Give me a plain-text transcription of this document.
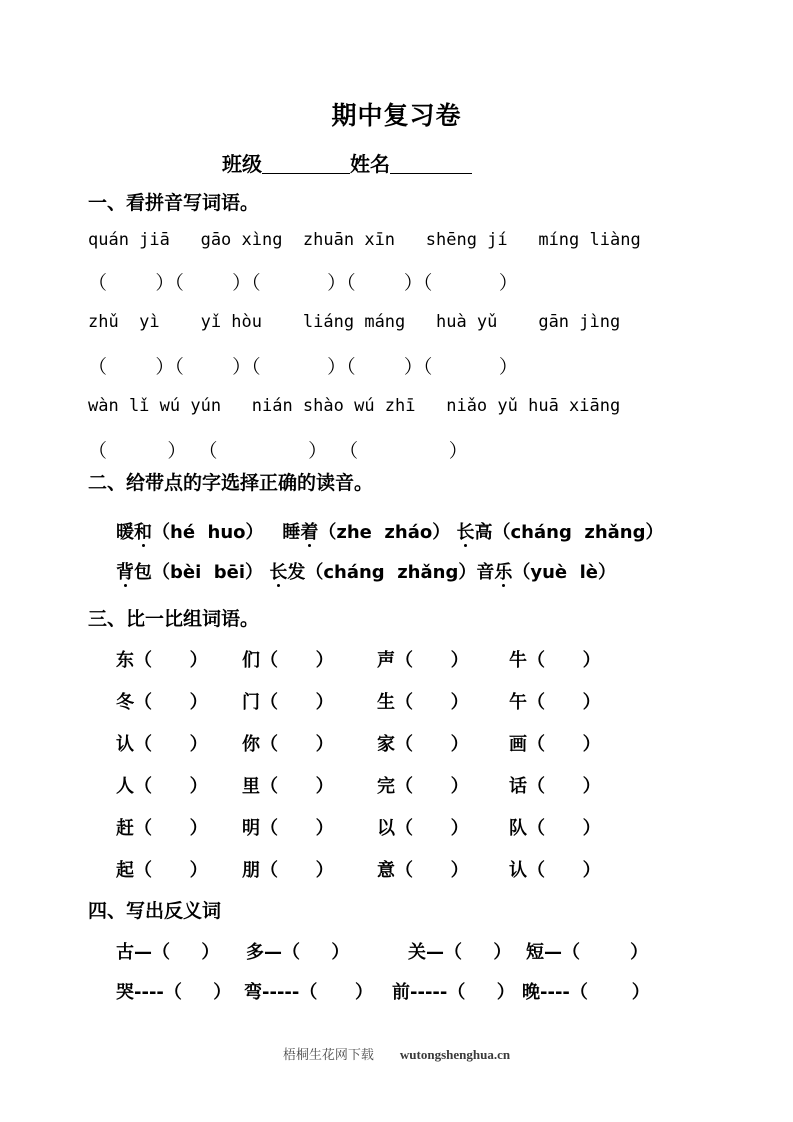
期中复习卷
班级	姓名
一、看拼音写词语。
quán jiā   gāo xìng  zhuān xīn   shēng jí   míng liàng
（        ）（        ）（           ）（        ）（           ）
zhǔ  yì    yǐ hòu    liáng máng   huà yǔ    gān jìng
（        ）（        ）（           ）（        ）（           ）
wàn lǐ wú yún   nián shào wú zhī   niǎo yǔ huā xiāng
（          ）  （               ）  （               ）
二、给带点的字选择正确的读音。
暖和（hé  huo） 睡着（zhe  zháo） 长高（cháng  zhǎng）
背包（bèi  bēi） 长发（cháng  zhǎng）音乐（yuè  lè）
三、比一比组词语。
东（      ） 们（      ） 声（      ） 牛（      ）
冬（      ） 门（      ） 生（      ） 午（      ）
认（      ） 你（      ） 家（      ） 画（      ）
人（      ） 里（      ） 完（      ） 话（      ）
赶（      ） 明（      ） 以（      ） 队（      ）
起（      ） 朋（      ） 意（      ） 认（      ）
四、写出反义词
古—（     ） 多—（     ）	关—（     ） 短—（        ）
哭----（     ） 弯-----（      ） 前-----（     ） 晚----（       ）
梧桐生花网下载 wutongshenghua.cn
